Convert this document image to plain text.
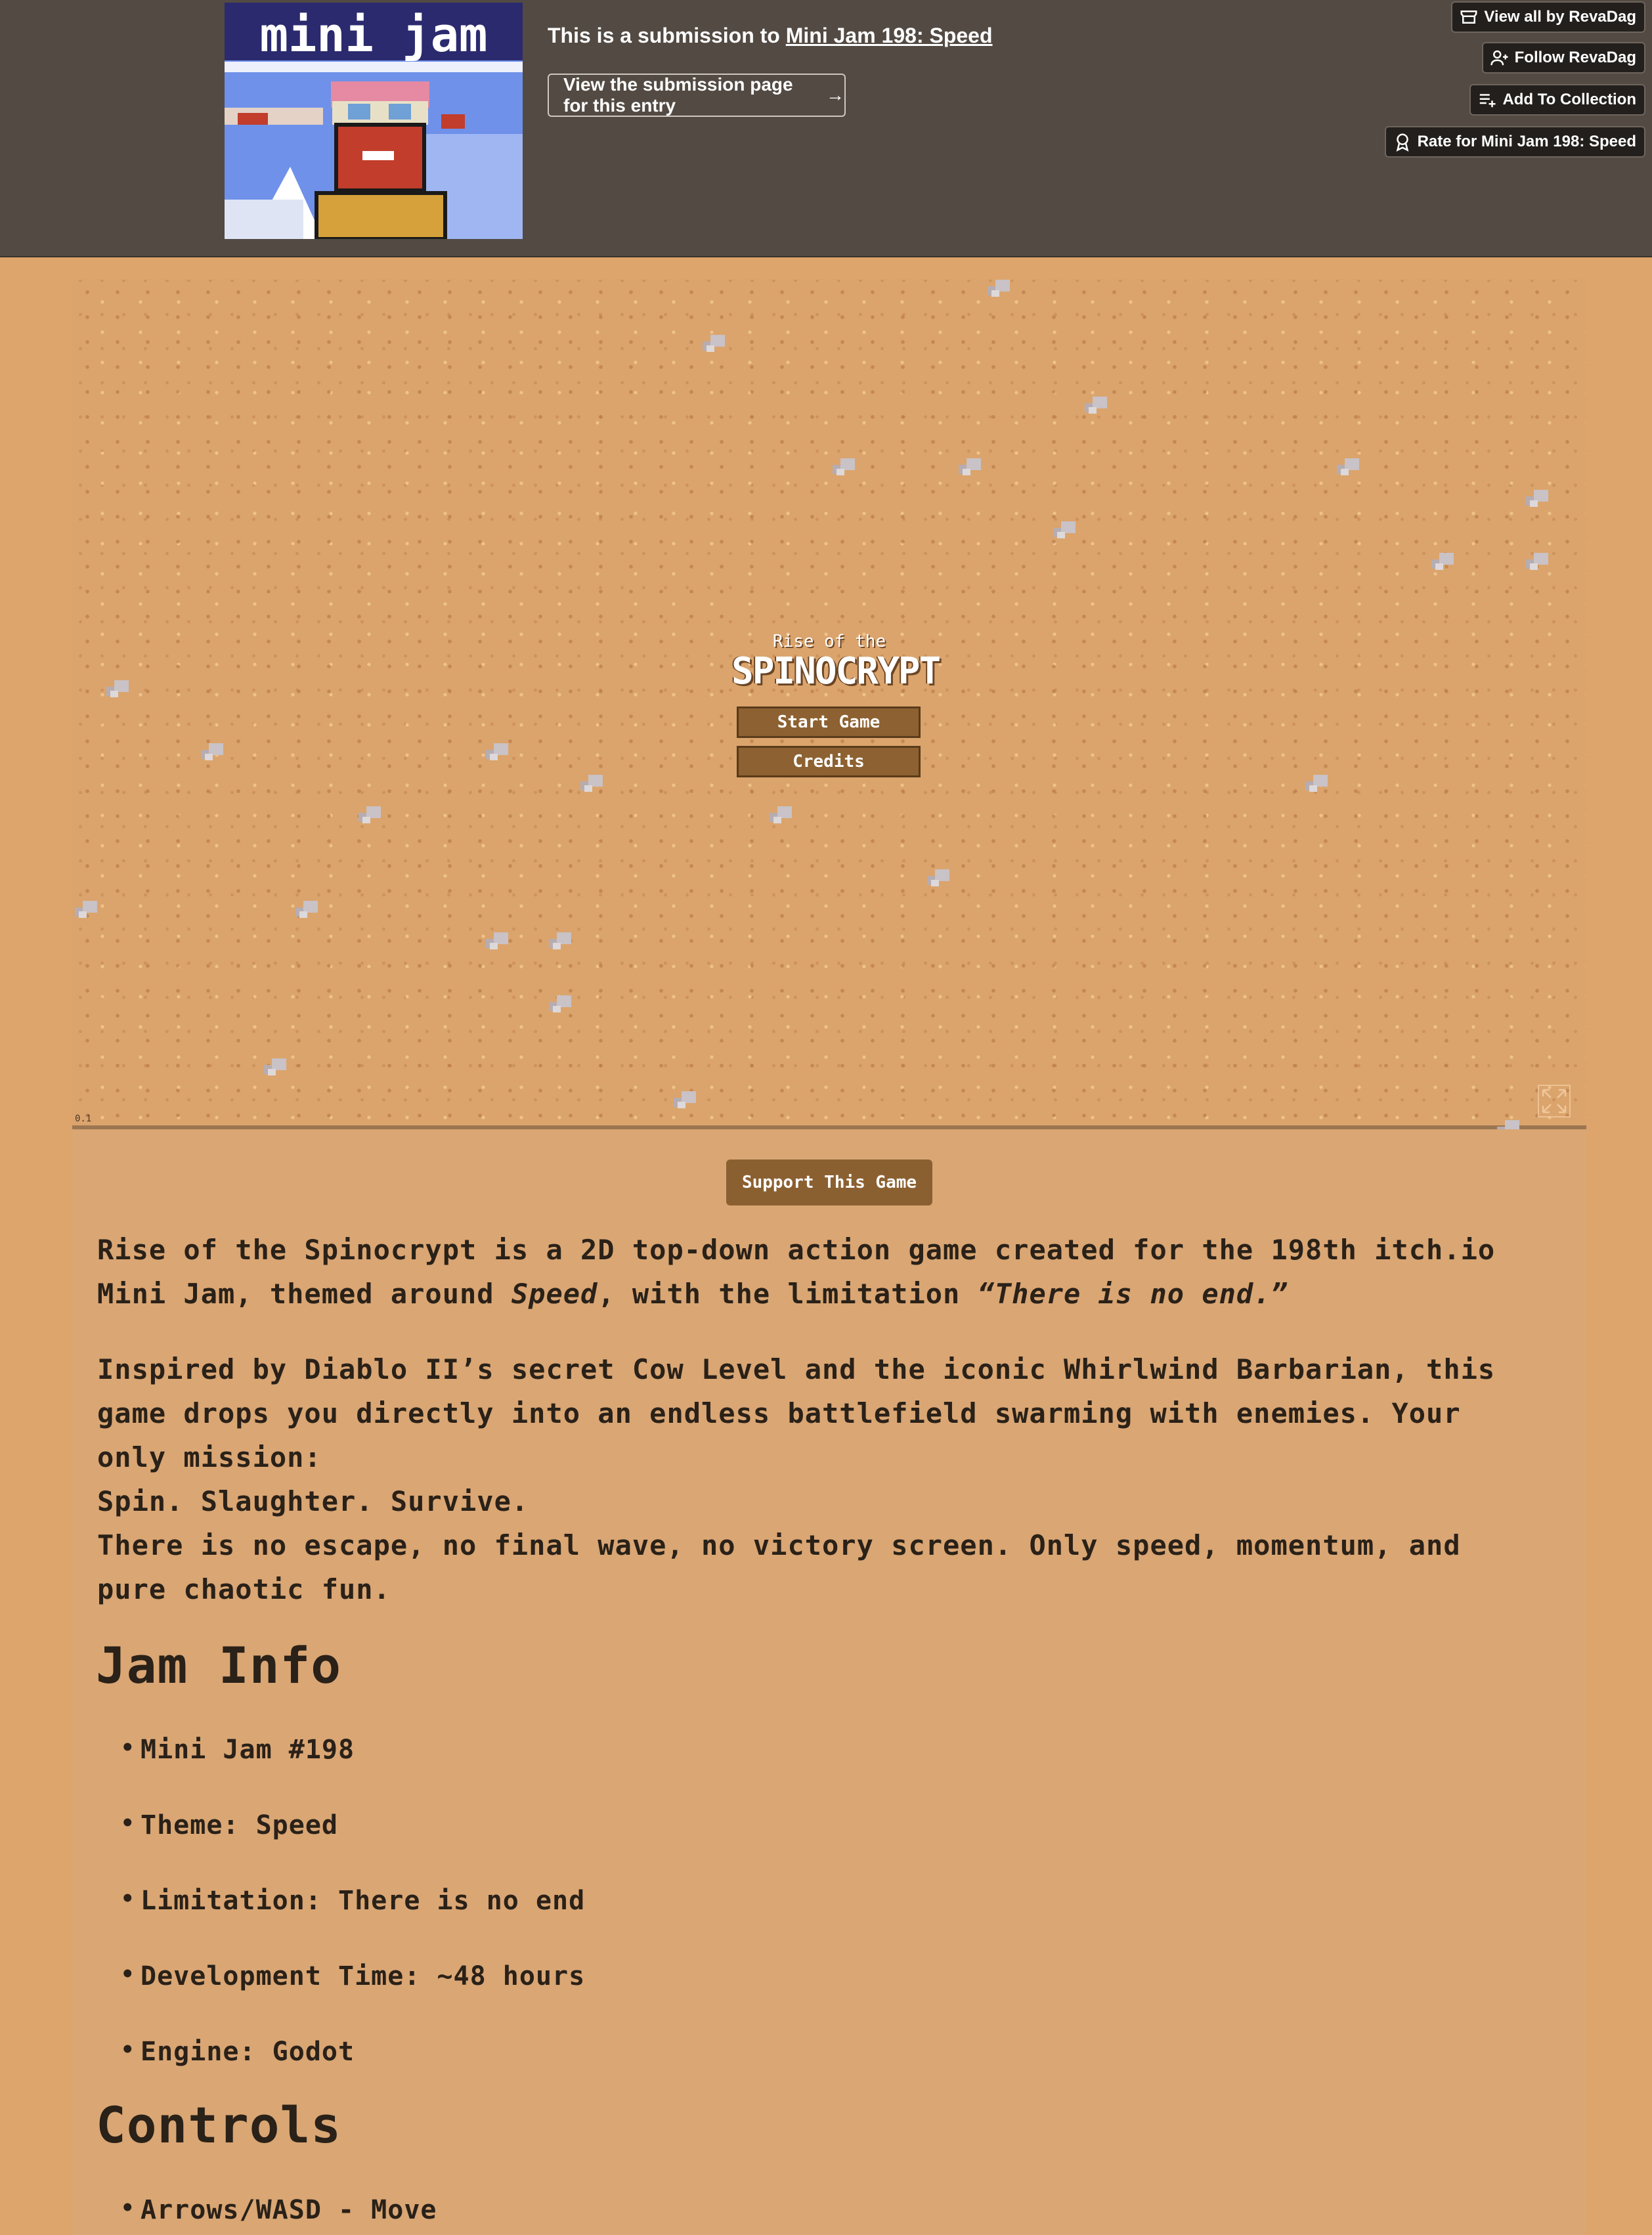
mini jam	This is a submission to Mini Jam 198: Speed
View the submission page for this entry
→
View all by RevaDag
Follow RevaDag
Add To Collection
Rate for Mini Jam 198: Speed
Rise of the
SPINOCRYPT
Start Game
Credits
0.1
Support This Game

Rise of the Spinocrypt is a 2D top-down action game created for the 198th itch.io Mini Jam, themed around Speed, with the limitation “There is no end.”

Inspired by Diablo II’s secret Cow Level and the iconic Whirlwind Barbarian, this game drops you directly into an endless battlefield swarming with enemies. Your only mission:
Spin. Slaughter. Survive.
There is no escape, no final wave, no victory screen. Only speed, momentum, and pure chaotic fun.

Jam Info

• Mini Jam #198

• Theme: Speed

• Limitation: There is no end

• Development Time: ~48 hours

• Engine: Godot

Controls

• Arrows/WASD - Move
